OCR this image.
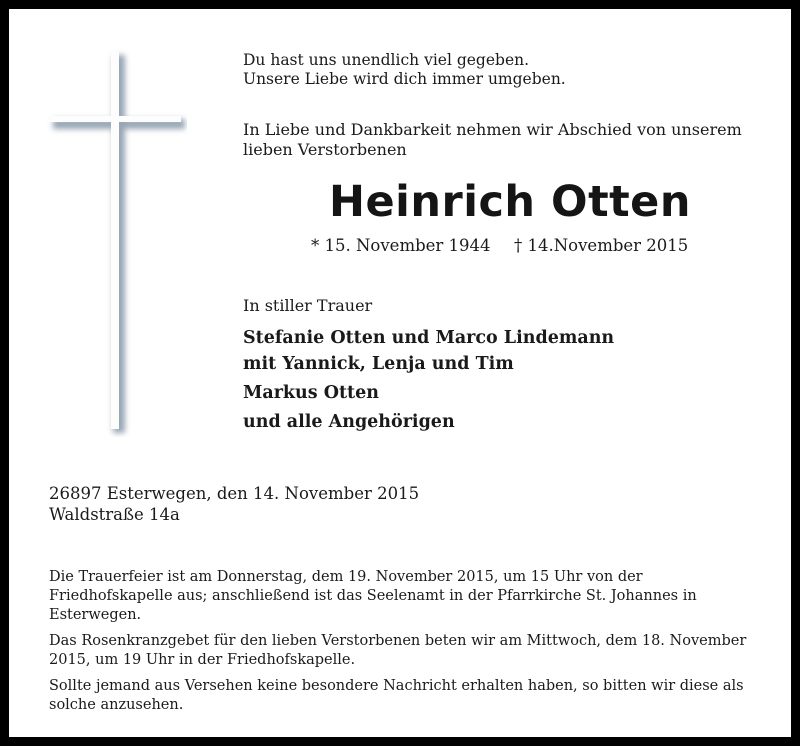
Du hast uns unendlich viel gegeben.
Unsere Liebe wird dich immer umgeben.
In Liebe und Dankbarkeit nehmen wir Abschied von unserem
lieben Verstorbenen
Heinrich Otten
* 15. November 1944 † 14.November 2015
In stiller Trauer
Stefanie Otten und Marco Lindemann
mit Yannick, Lenja und Tim
Markus Otten
und alle Angehörigen
26897 Esterwegen, den 14. November 2015
Waldstraße 14a

Die Trauerfeier ist am Donnerstag, dem 19. November 2015, um 15 Uhr von der Friedhofskapelle aus; anschließend ist das Seelenamt in der Pfarrkirche St. Johannes in Esterwegen.

Das Rosenkranzgebet für den lieben Verstorbenen beten wir am Mittwoch, dem 18. November 2015, um 19 Uhr in der Friedhofskapelle.

Sollte jemand aus Versehen keine besondere Nachricht erhalten haben, so bitten wir diese als solche anzusehen.
